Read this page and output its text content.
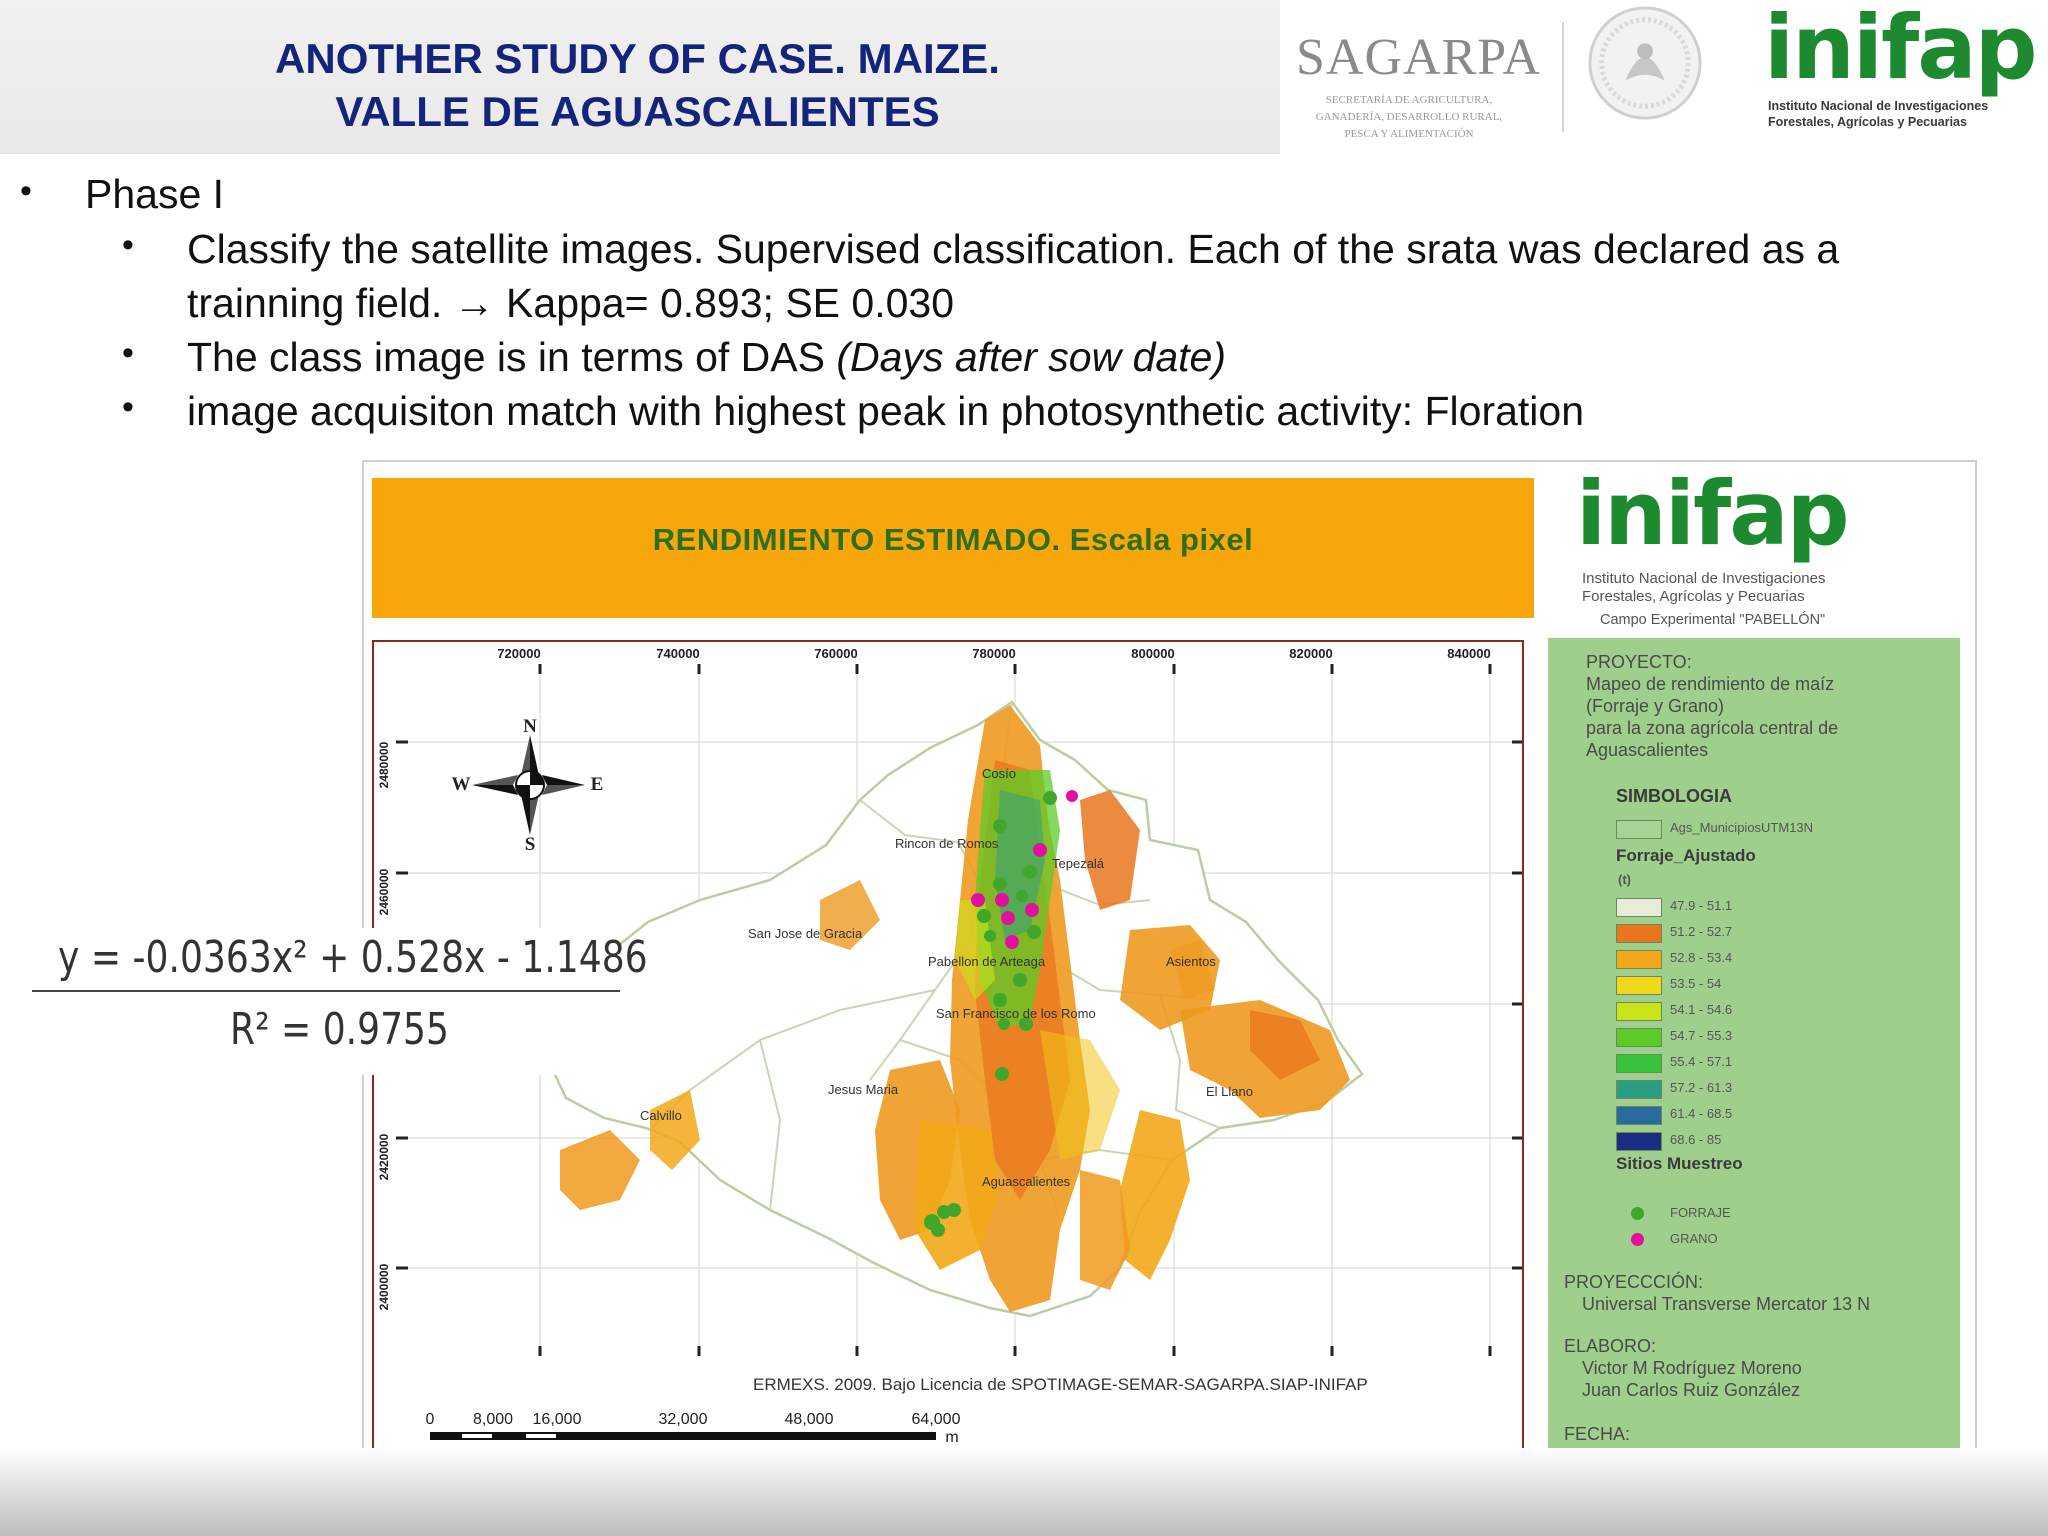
ANOTHER STUDY OF CASE. MAIZE.
VALLE DE AGUASCALIENTES
SAGARPA
SECRETARÍA DE AGRICULTURA,
GANADERÍA, DESARROLLO RURAL,
PESCA Y ALIMENTACIÓN
inifap
Instituto Nacional de Investigaciones
Forestales, Agrícolas y Pecuarias
• Phase I
• Classify the satellite images. Supervised classification. Each of the srata was declared as a
trainning field. → Kappa= 0.893; SE 0.030
• The class image is in terms of DAS (Days after sow date)
• image acquisiton match with highest peak in photosynthetic activity: Floration
RENDIMIENTO ESTIMADO. Escala pixel
720000	740000	760000	780000	800000	820000	840000
2480000
2460000
2420000
2400000
Cosío
Rincon de Romos
Tepezalá
San Jose de Gracia
Pabellon de Arteaga	Asientos
San Francisco de los Romo
Jesus Maria	El Llano
Calvillo
Aguascalientes
N
S
E
W
ERMEXS. 2009. Bajo Licencia de SPOTIMAGE-SEMAR-SAGARPA.SIAP-INIFAP
0 8,000 16,000	32,000	48,000	64,000
m
inifap
Instituto Nacional de Investigaciones
Forestales, Agrícolas y Pecuarias
Campo Experimental "PABELLÓN"
PROYECTO:
Mapeo de rendimiento de maíz
(Forraje y Grano)
para la zona agrícola central de
Aguascalientes
SIMBOLOGIA
Ags_MunicipiosUTM13N
Forraje_Ajustado
(t)
Sitios Muestreo
FORRAJE
GRANO
PROYECCCIÓN:
Universal Transverse Mercator 13 N
ELABORO:
Victor M Rodríguez Moreno
Juan Carlos Ruiz González
FECHA:
y = -0.0363x² + 0.528x - 1.1486
R² = 0.9755
47.9 - 51.1
51.2 - 52.7
52.8 - 53.4
53.5 - 54
54.1 - 54.6
54.7 - 55.3
55.4 - 57.1
57.2 - 61.3
61.4 - 68.5
68.6 - 85
